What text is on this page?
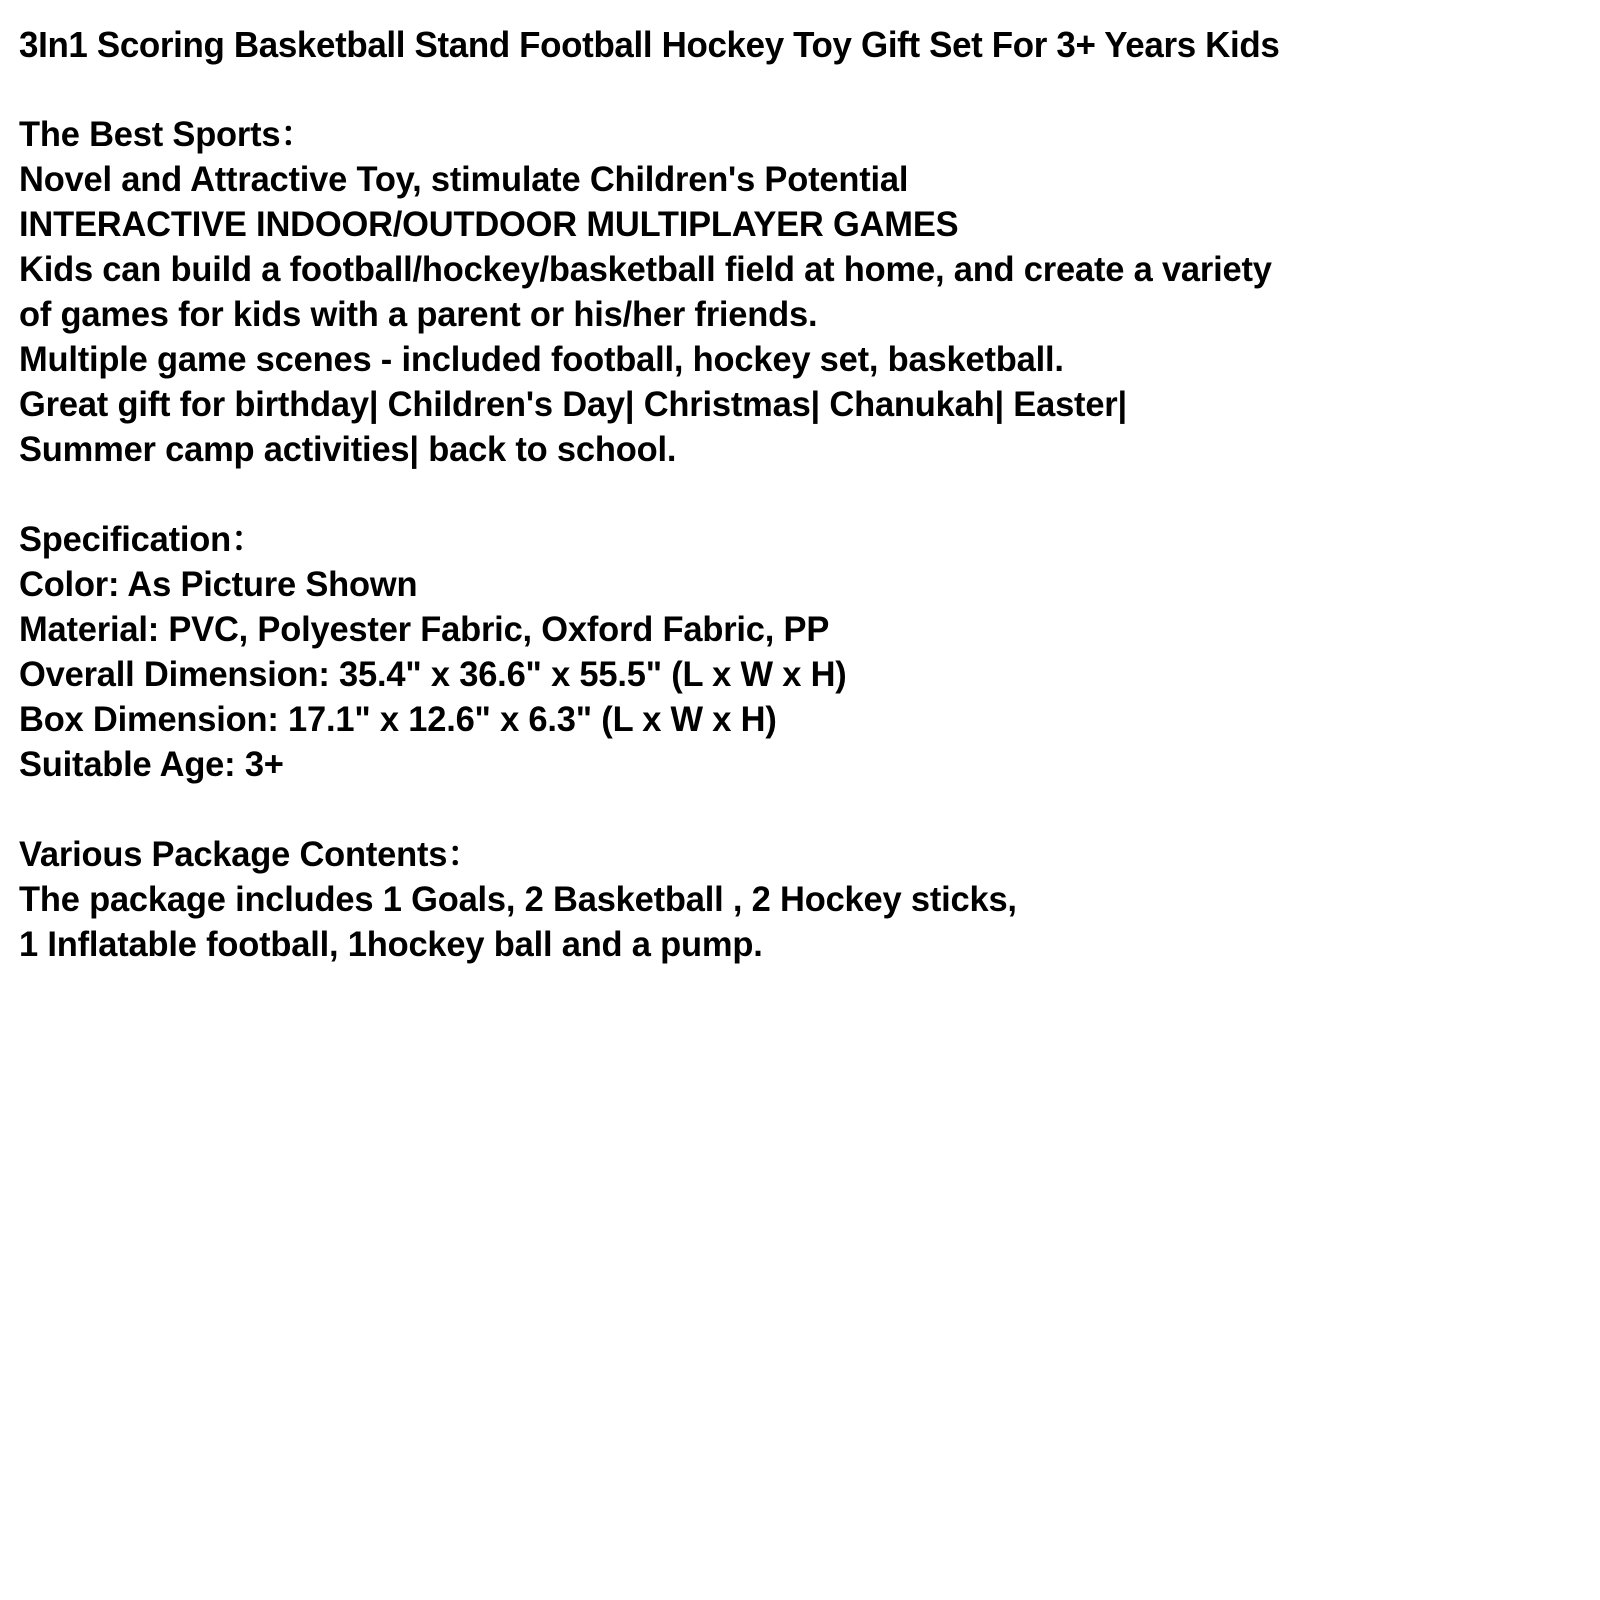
3In1 Scoring Basketball Stand Football Hockey Toy Gift Set For 3+ Years Kids
The Best Sports：
Novel and Attractive Toy, stimulate Children's Potential
INTERACTIVE INDOOR/OUTDOOR MULTIPLAYER GAMES
Kids can build a football/hockey/basketball field at home, and create a variety
of games for kids with a parent or his/her friends.
Multiple game scenes - included football, hockey set, basketball.
Great gift for birthday| Children's Day| Christmas| Chanukah| Easter|
Summer camp activities| back to school.
Specification：
Color: As Picture Shown
Material: PVC, Polyester Fabric, Oxford Fabric, PP
Overall Dimension: 35.4" x 36.6" x 55.5" (L x W x H)
Box Dimension: 17.1" x 12.6" x 6.3" (L x W x H)
Suitable Age: 3+
Various Package Contents：
The package includes 1 Goals, 2 Basketball , 2 Hockey sticks,
1 Inflatable football, 1hockey ball and a pump.
